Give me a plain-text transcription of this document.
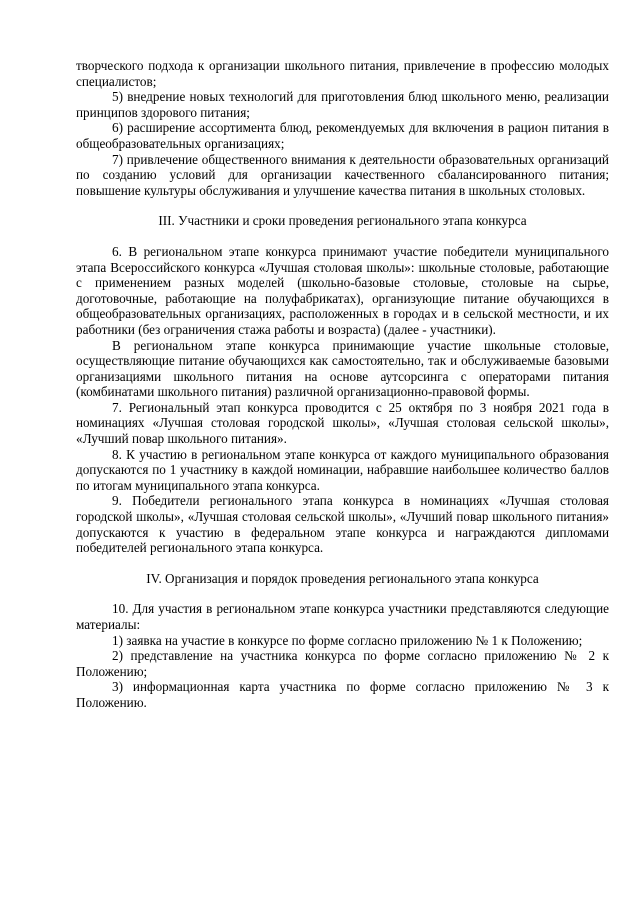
творческого подхода к организации школьного питания, привлечение в профессию молодых специалистов;

5) внедрение новых технологий для приготовления блюд школьного меню, реализации принципов здорового питания;

6) расширение ассортимента блюд, рекомендуемых для включения в рацион питания в общеобразовательных организациях;

7) привлечение общественного внимания к деятельности образовательных организаций по созданию условий для организации качественного сбалансированного питания; повышение культуры обслуживания и улучшение качества питания в школьных столовых.

III. Участники и сроки проведения регионального этапа конкурса

6. В региональном этапе конкурса принимают участие победители муниципального этапа Всероссийского конкурса «Лучшая столовая школы»: школьные столовые, работающие с применением разных моделей (школьно-базовые столовые, столовые на сырье, доготовочные, работающие на полуфабрикатах), организующие питание обучающихся в общеобразовательных организациях, расположенных в городах и в сельской местности, и их работники (без ограничения стажа работы и возраста) (далее - участники).

В региональном этапе конкурса принимающие участие школьные столовые, осуществляющие питание обучающихся как самостоятельно, так и обслуживаемые базовыми организациями школьного питания на основе аутсорсинга с операторами питания (комбинатами школьного питания) различной организационно-правовой формы.

7. Региональный этап конкурса проводится с 25 октября по 3 ноября 2021 года в номинациях «Лучшая столовая городской школы», «Лучшая столовая сельской школы», «Лучший повар школьного питания».

8. К участию в региональном этапе конкурса от каждого муниципального образования допускаются по 1 участнику в каждой номинации, набравшие наибольшее количество баллов по итогам муниципального этапа конкурса.

9. Победители регионального этапа конкурса в номинациях «Лучшая столовая городской школы», «Лучшая столовая сельской школы», «Лучший повар школьного питания» допускаются к участию в федеральном этапе конкурса и награждаются дипломами победителей регионального этапа конкурса.

IV. Организация и порядок проведения регионального этапа конкурса

10. Для участия в региональном этапе конкурса участники представляются следующие материалы:

1) заявка на участие в конкурсе по форме согласно приложению № 1 к Положению;

2) представление на участника конкурса по форме согласно приложению № 2 к Положению;

3) информационная карта участника по форме согласно приложению № 3 к Положению.
